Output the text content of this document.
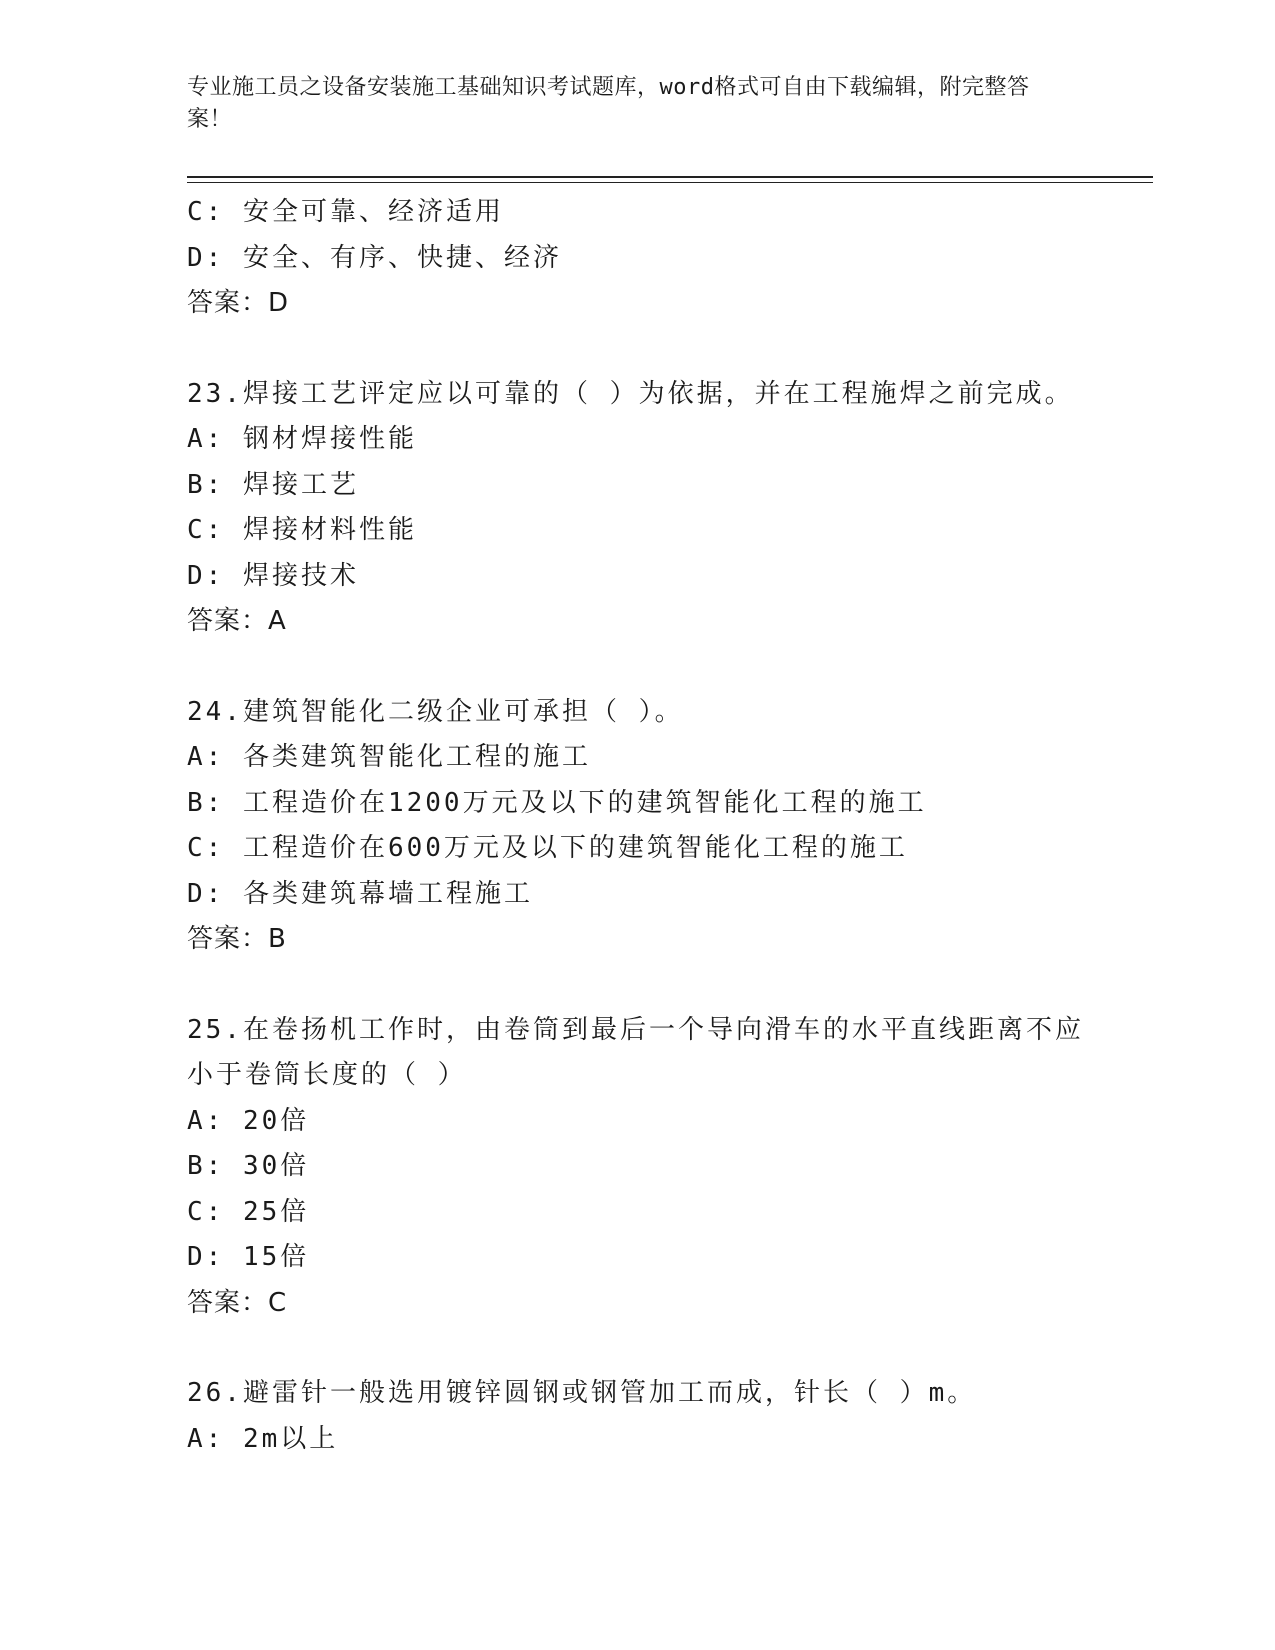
专业施工员之设备安装施工基础知识考试题库，word格式可自由下载编辑，附完整答案！
C: 安全可靠、经济适用
D: 安全、有序、快捷、经济
答案：D
23.焊接工艺评定应以可靠的（ ）为依据，并在工程施焊之前完成。
A: 钢材焊接性能
B: 焊接工艺
C: 焊接材料性能
D: 焊接技术
答案：A
24.建筑智能化二级企业可承担（ ）。
A: 各类建筑智能化工程的施工
B: 工程造价在1200万元及以下的建筑智能化工程的施工
C: 工程造价在600万元及以下的建筑智能化工程的施工
D: 各类建筑幕墙工程施工
答案：B
25.在卷扬机工作时，由卷筒到最后一个导向滑车的水平直线距离不应
小于卷筒长度的（ ）
A: 20倍
B: 30倍
C: 25倍
D: 15倍
答案：C
26.避雷针一般选用镀锌圆钢或钢管加工而成，针长（ ）m。
A: 2m以上
